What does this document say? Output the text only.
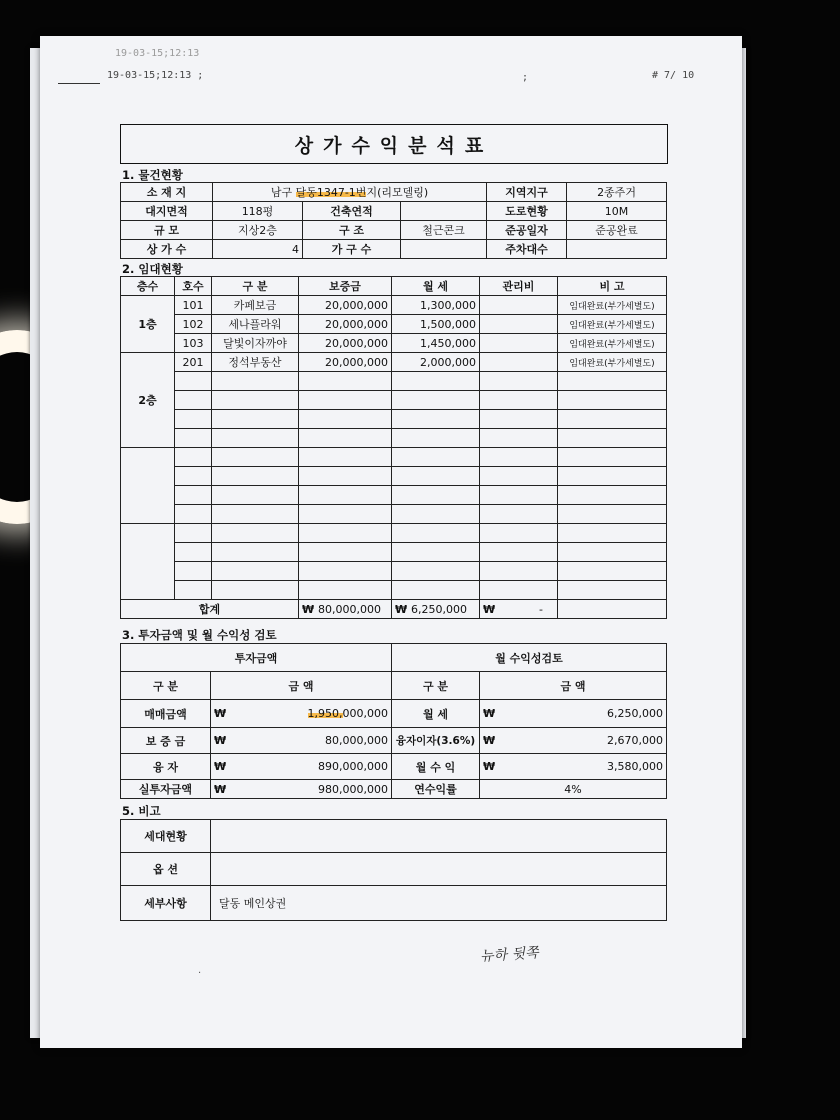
19-03-15;12:13
19-03-15;12:13 ;	;	# 7/ 10
상가수익분석표
1. 물건현황
소 재 지	남구 달동1347-1번지(리모델링)			지역지구	2종주거
대지면적	118평	건축연적		도로현황	10M
규 모	지상2층	구 조	철근콘크	준공일자	준공완료
상 가 수	4	가 구 수		주차대수	
2. 임대현황
층수	호수	구 분	보증금	월 세	관리비	비 고
1층	101	카페보금	20,000,000	1,300,000		임대완료(부가세별도)
	102	세나플라워	20,000,000	1,500,000		임대완료(부가세별도)
	103	달빛이자까야	20,000,000	1,450,000		임대완료(부가세별도)
2층	201	정석부동산	20,000,000	2,000,000		임대완료(부가세별도)

합계			₩ 80,000,000	₩ 6,250,000	₩ -	
3. 투자금액 및 월 수익성 검토
투자금액		월 수익성검토	
구 분	금 액	구 분	금 액
매매금액	₩ 1,950,000,000	월 세	₩ 6,250,000

보 증 금	₩ 80,000,000	융자이자(3.6%)	₩ 2,670,000

융 자	₩ 890,000,000	월 수 익	₩ 3,580,000

실투자금액	₩ 980,000,000	연수익률	4%
5. 비고
세대현황	
옵 션	
세부사항	달동 메인상권
뉴하 뒷쪽
·
